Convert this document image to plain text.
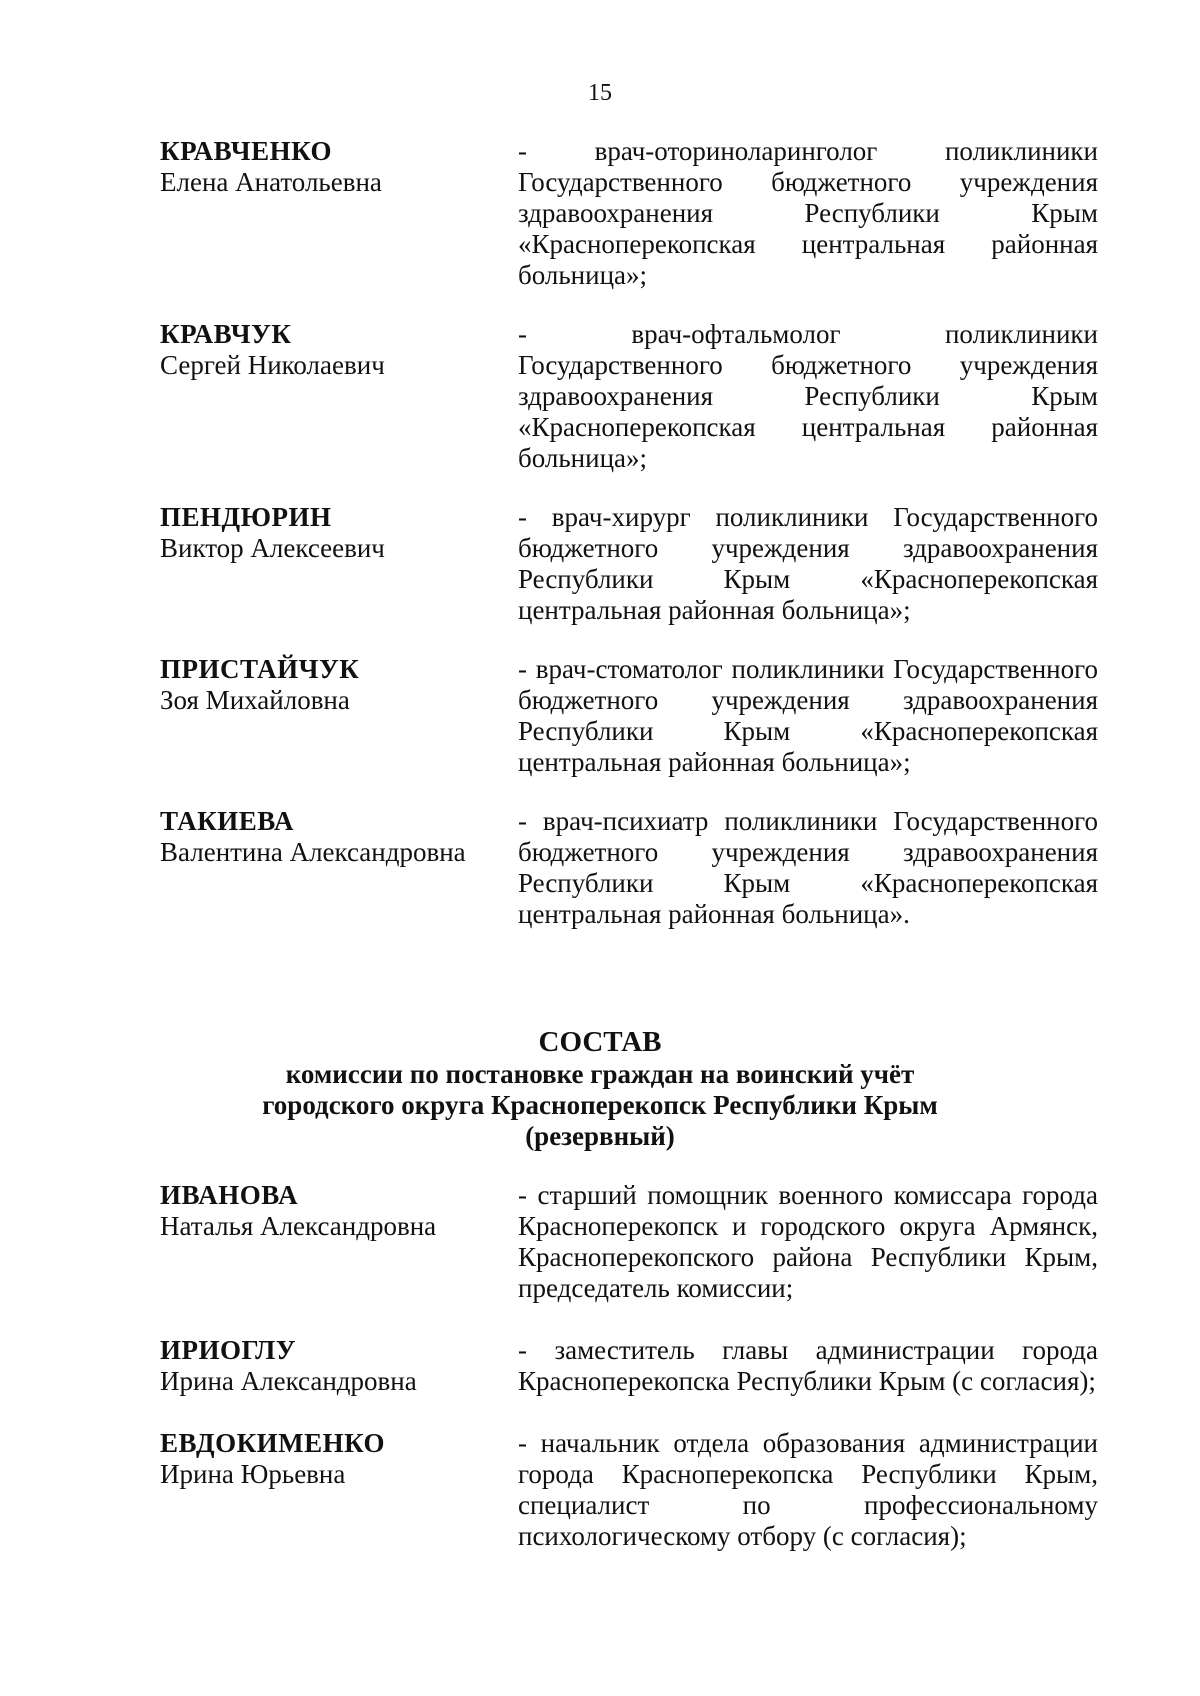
15
КРАВЧЕНКО
Елена Анатольевна
- врач-оториноларинголог поликлиники Государственного бюджетного учреждения здравоохранения Республики Крым «Красноперекопская центральная районная больница»;
КРАВЧУК
Сергей Николаевич
- врач-офтальмолог поликлиники Государственного бюджетного учреждения здравоохранения Республики Крым «Красноперекопская центральная районная больница»;
ПЕНДЮРИН
Виктор Алексеевич
- врач-хирург поликлиники Государственного бюджетного учреждения здравоохранения Республики Крым «Красноперекопская центральная районная больница»;
ПРИСТАЙЧУК
Зоя Михайловна
- врач-стоматолог поликлиники Государственного бюджетного учреждения здравоохранения Республики Крым «Красноперекопская центральная районная больница»;
ТАКИЕВА
Валентина Александровна
- врач-психиатр поликлиники Государственного бюджетного учреждения здравоохранения Республики Крым «Красноперекопская центральная районная больница».
СОСТАВ
комиссии по постановке граждан на воинский учёт
городского округа Красноперекопск Республики Крым
(резервный)
ИВАНОВА
Наталья Александровна
- старший помощник военного комиссара города Красноперекопск и городского округа Армянск, Красноперекопского района Республики Крым, председатель комиссии;
ИРИОГЛУ
Ирина Александровна
- заместитель главы администрации города Красноперекопска Республики Крым (с согласия);
ЕВДОКИМЕНКО
Ирина Юрьевна
- начальник отдела образования администрации города Красноперекопска Республики Крым, специалист по профессиональному психологическому отбору (с согласия);
